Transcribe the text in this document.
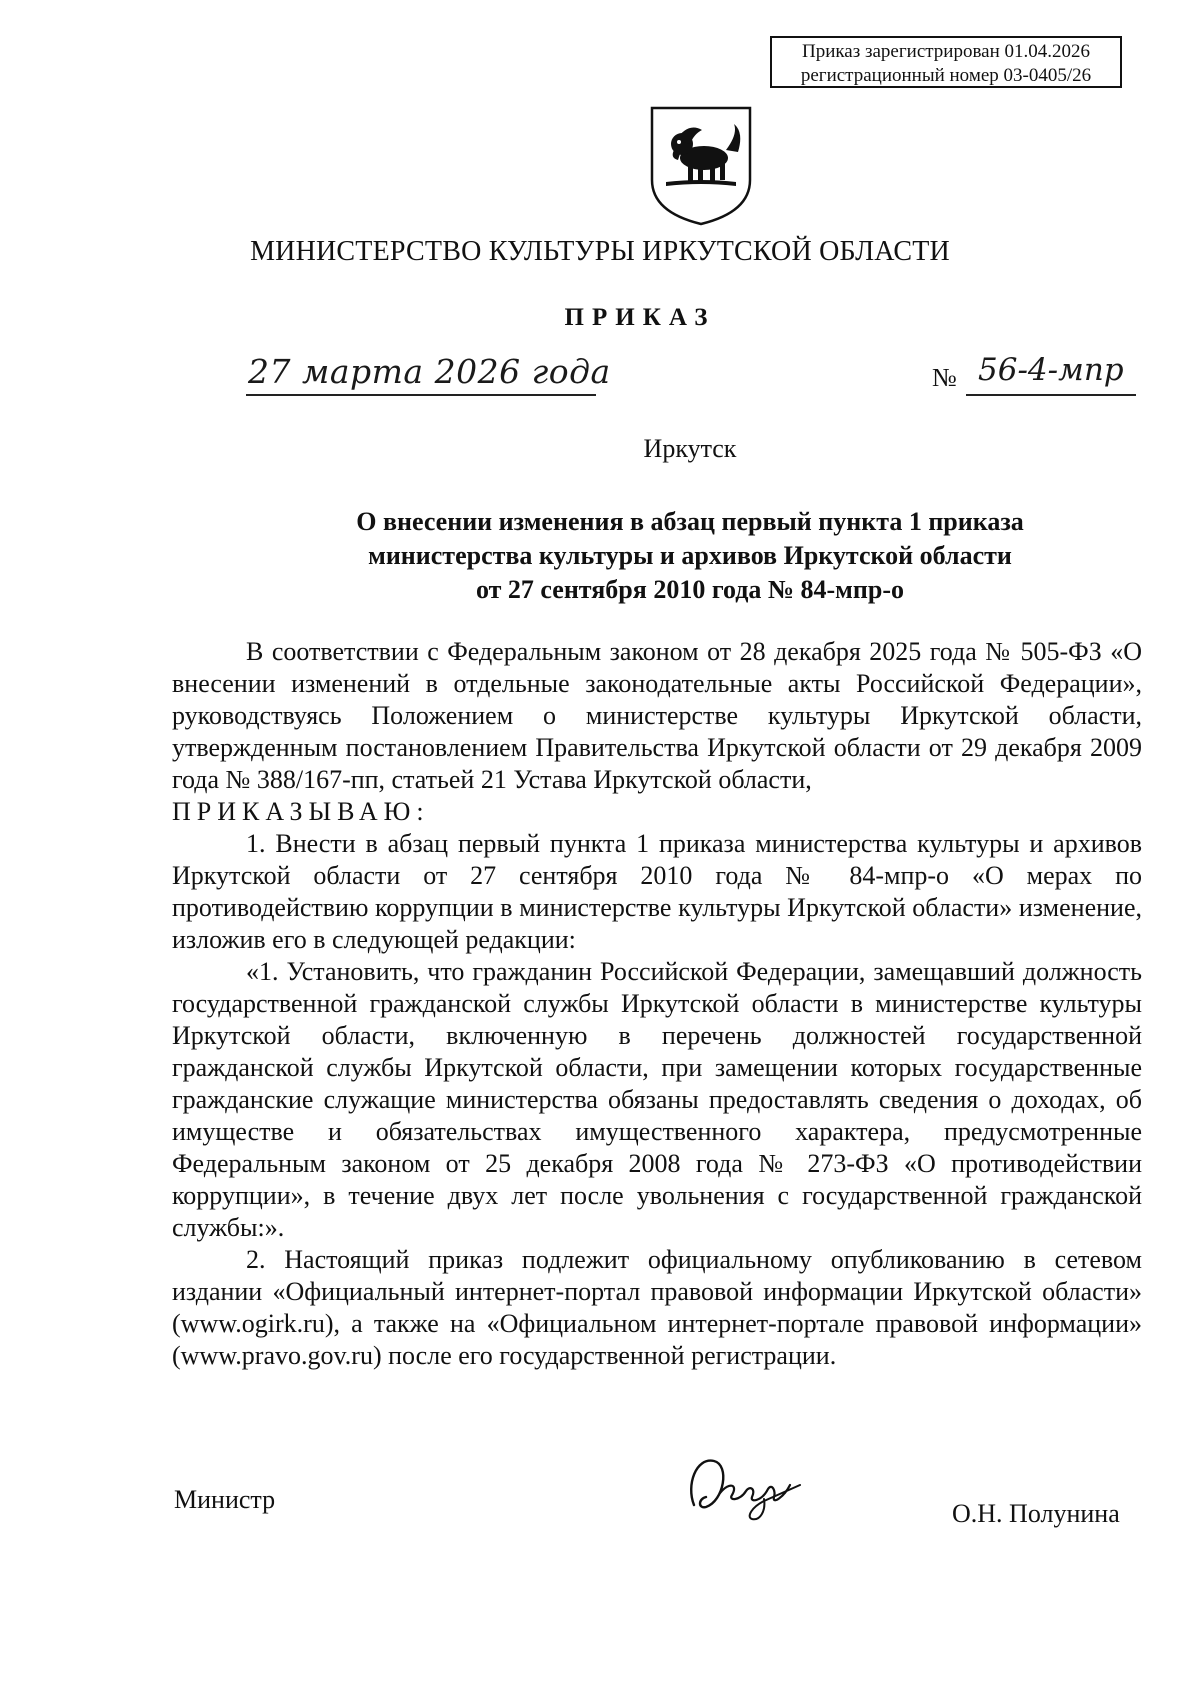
Приказ зарегистрирован 01.04.2026
регистрационный номер 03-0405/26
МИНИСТЕРСТВО КУЛЬТУРЫ ИРКУТСКОЙ ОБЛАСТИ
ПРИКАЗ
27 марта 2026 года	№ 56-4-мпр
Иркутск
О внесении изменения в абзац первый пункта 1 приказа
министерства культуры и архивов Иркутской области
от 27 сентября 2010 года № 84-мпр-о

В соответствии с Федеральным законом от 28 декабря 2025 года № 505-ФЗ «О внесении изменений в отдельные законодательные акты Российской Федерации», руководствуясь Положением о министерстве культуры Иркутской области, утвержденным постановлением Правительства Иркутской области от 29 декабря 2009 года № 388/167-пп, статьей 21 Устава Иркутской области,

ПРИКАЗЫВАЮ:

1. Внести в абзац первый пункта 1 приказа министерства культуры и архивов Иркутской области от 27 сентября 2010 года № 84-мпр-о «О мерах по противодействию коррупции в министерстве культуры Иркутской области» изменение, изложив его в следующей редакции:

«1. Установить, что гражданин Российской Федерации, замещавший должность государственной гражданской службы Иркутской области в министерстве культуры Иркутской области, включенную в перечень должностей государственной гражданской службы Иркутской области, при замещении которых государственные гражданские служащие министерства обязаны предоставлять сведения о доходах, об имуществе и обязательствах имущественного характера, предусмотренные Федеральным законом от 25 декабря 2008 года № 273-ФЗ «О противодействии коррупции», в течение двух лет после увольнения с государственной гражданской службы:».

2. Настоящий приказ подлежит официальному опубликованию в сетевом издании «Официальный интернет-портал правовой информации Иркутской области» (www.ogirk.ru), а также на «Официальном интернет-портале правовой информации» (www.pravo.gov.ru) после его государственной регистрации.

Министр	О.Н. Полунина
